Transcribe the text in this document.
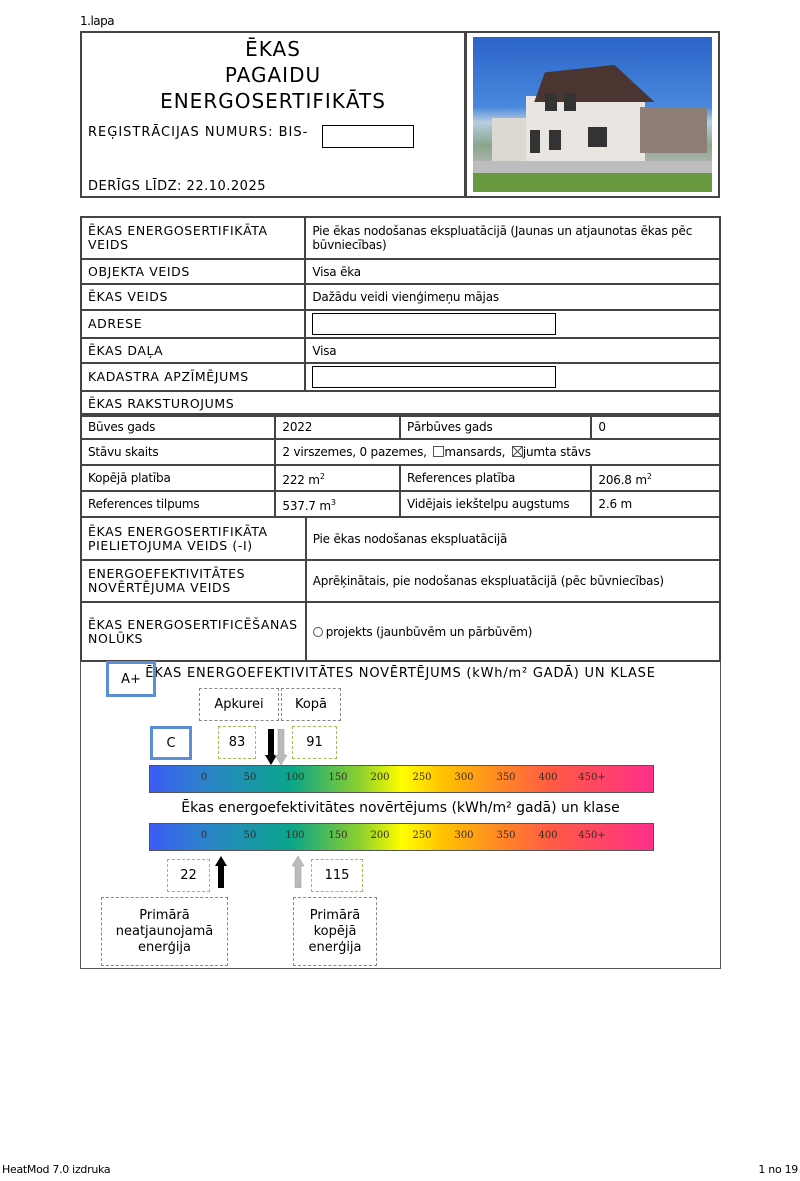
1.lapa
ĒKAS
PAGAIDU
ENERGOSERTIFIKĀTS
REĢISTRĀCIJAS NUMURS: BIS-
DERĪGS LĪDZ: 22.10.2025
ĒKAS ENERGOSERTIFIKĀTA VEIDS	Pie ēkas nodošanas ekspluatācijā (Jaunas un atjaunotas ēkas pēc būvniecības)
OBJEKTA VEIDS	Visa ēka
ĒKAS VEIDS	Dažādu veidi vienģimeņu mājas
ADRESE	
ĒKAS DAĻA	Visa
KADASTRA APZĪMĒJUMS	
ĒKAS RAKSTUROJUMS	
Būves gads	2022	Pārbūves gads	0
Stāvu skaits	2 virszemes, 0 pazemes, mansards, jumta stāvs		
Kopējā platība	222 $m^2$	References platība	206.8 $m^2$
References tilpums	537.7 $m^3$	Vidējais iekštelpu augstums	2.6 m
ĒKAS ENERGOSERTIFIKĀTA PIELIETOJUMA VEIDS (-I)	Pie ēkas nodošanas ekspluatācijā
ENERGOEFEKTIVITĀTES NOVĒRTĒJUMA VEIDS	Aprēķinātais, pie nodošanas ekspluatācijā (pēc būvniecības)
ĒKAS ENERGOSERTIFICĒŠANAS NOLŪKS	projekts (jaunbūvēm un pārbūvēm)
ĒKAS ENERGOEFEKTIVITĀTES NOVĒRTĒJUMS (kWh/m² GADĀ) UN KLASE
Apkurei	Kopā
C	83	91
0	50	100 150 200 250 300 350 400 450+
Ēkas energoefektivitātes novērtējums (kWh/m² gadā) un klase
0	50	100 150 200 250 300 350 400 450+
A+
22	115
Primārā
neatjaunojamā
enerģija
Primārā
kopējā
enerģija
HeatMod 7.0 izdruka	1 no 19
